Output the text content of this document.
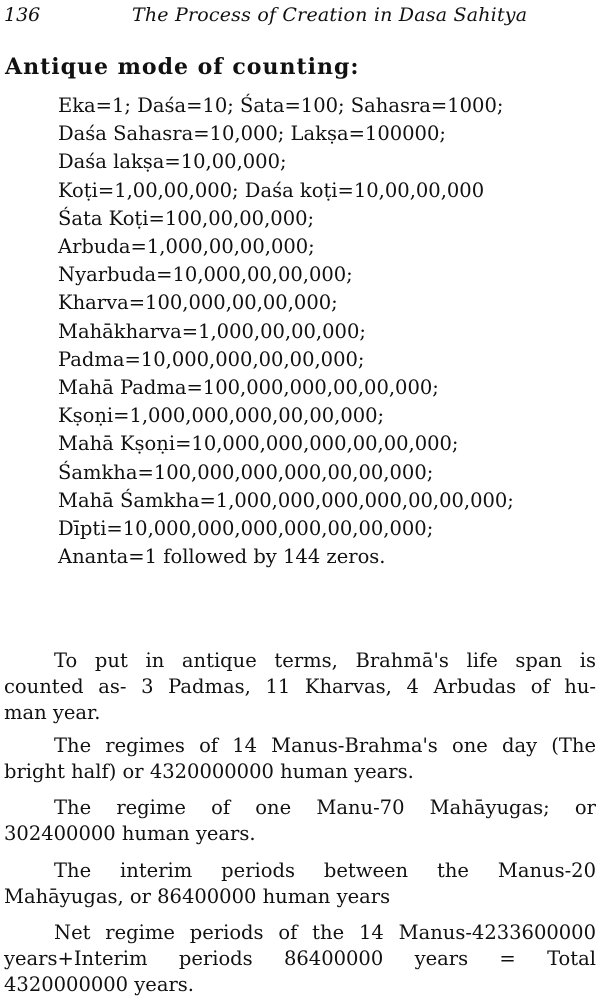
136	The Process of Creation in Dasa Sahitya
Antique mode of counting:
Eka=1; Daśa=10; Śata=100; Sahasra=1000;
Daśa Sahasra=10,000; Lakṣa=100000;
Daśa lakṣa=10,00,000;
Koṭi=1,00,00,000; Daśa koṭi=10,00,00,000
Śata Koṭi=100,00,00,000;
Arbuda=1,000,00,00,000;
Nyarbuda=10,000,00,00,000;
Kharva=100,000,00,00,000;
Mahākharva=1,000,00,00,000;
Padma=10,000,000,00,00,000;
Mahā Padma=100,000,000,00,00,000;
Kṣoṇi=1,000,000,000,00,00,000;
Mahā Kṣoṇi=10,000,000,000,00,00,000;
Śamkha=100,000,000,000,00,00,000;
Mahā Śamkha=1,000,000,000,000,00,00,000;
Dīpti=10,000,000,000,000,00,00,000;
Ananta=1 followed by 144 zeros.
To put in antique terms, Brahmā's life span is
counted as- 3 Padmas, 11 Kharvas, 4 Arbudas of hu-
man year.
The regimes of 14 Manus-Brahma's one day (The
bright half) or 4320000000 human years.
The regime of one Manu-70 Mahāyugas; or
302400000 human years.
The interim periods between the Manus-20
Mahāyugas, or 86400000 human years
Net regime periods of the 14 Manus-4233600000
years+Interim periods 86400000 years = Total
4320000000 years.
